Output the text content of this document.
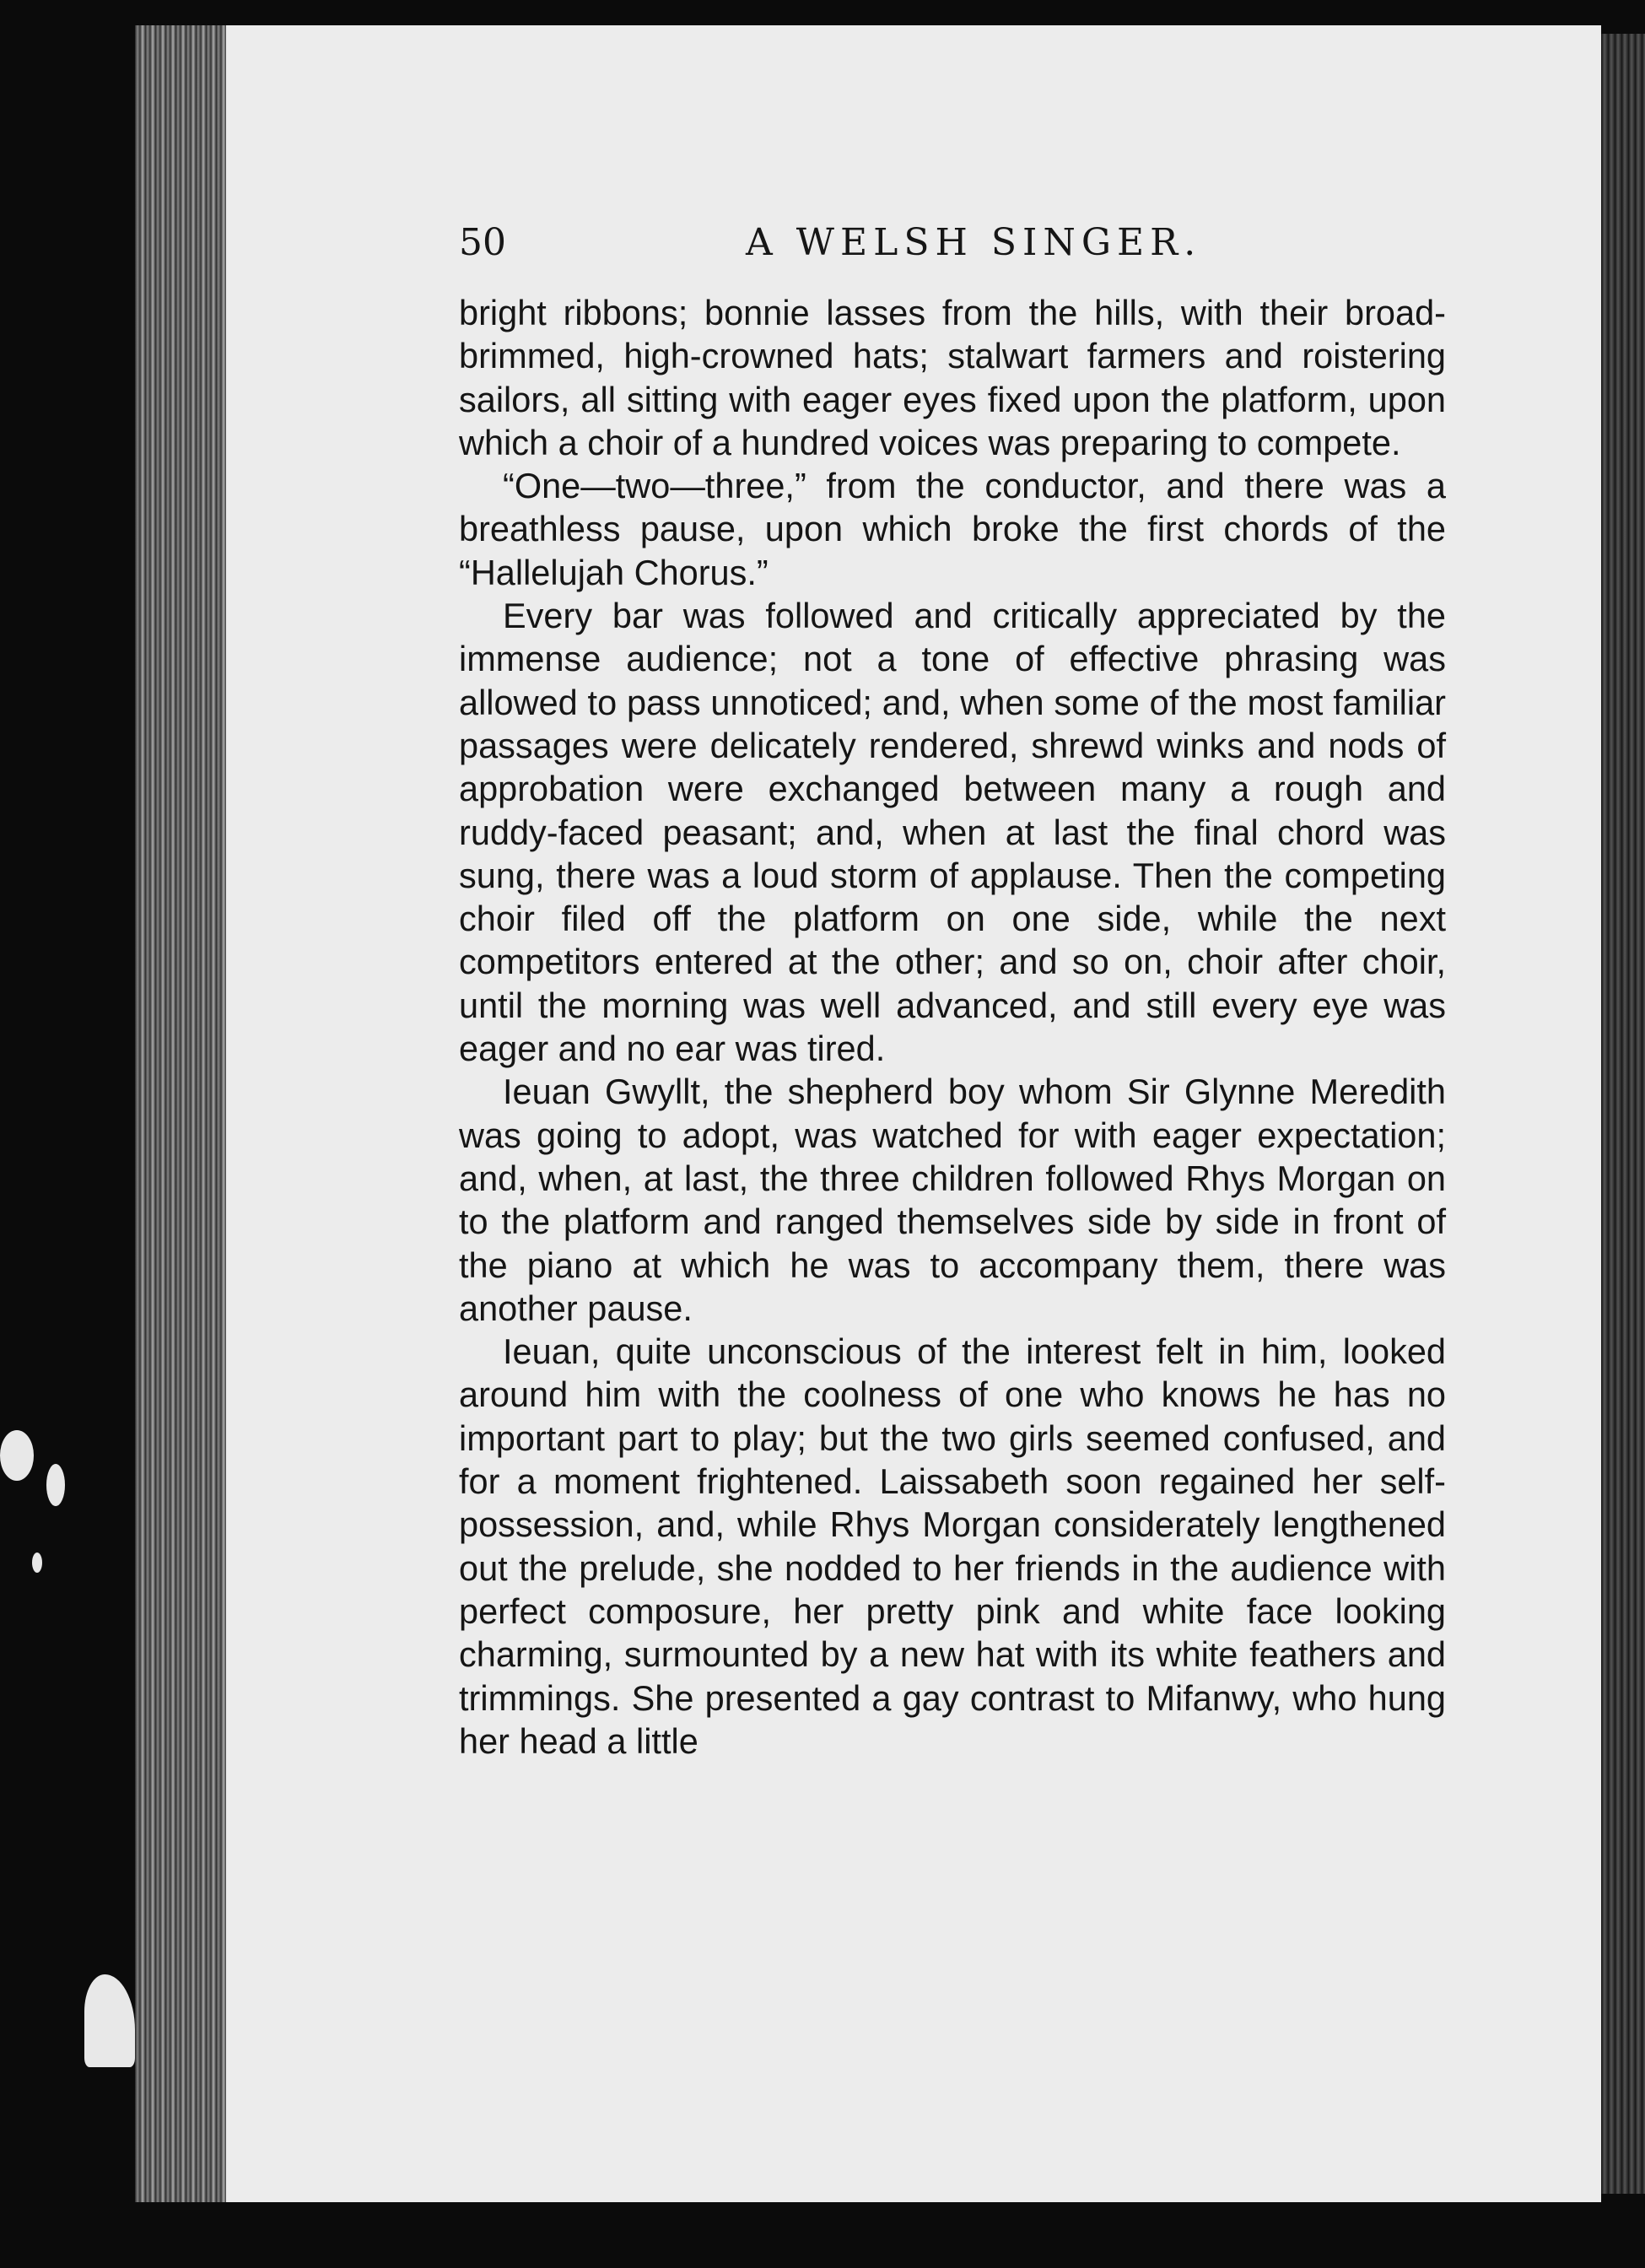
50	A WELSH SINGER.

bright ribbons; bonnie lasses from the hills, with their broad-brimmed, high-crowned hats; stalwart farmers and roistering sailors, all sitting with eager eyes fixed upon the platform, upon which a choir of a hundred voices was preparing to compete.

“One—two—three,” from the conductor, and there was a breathless pause, upon which broke the first chords of the “Hallelujah Chorus.”

Every bar was followed and critically appreciated by the immense audience; not a tone of effective phrasing was allowed to pass unnoticed; and, when some of the most familiar passages were delicately rendered, shrewd winks and nods of approbation were exchanged between many a rough and ruddy-faced peasant; and, when at last the final chord was sung, there was a loud storm of applause. Then the competing choir filed off the platform on one side, while the next competitors entered at the other; and so on, choir after choir, until the morning was well advanced, and still every eye was eager and no ear was tired.

Ieuan Gwyllt, the shepherd boy whom Sir Glynne Meredith was going to adopt, was watched for with eager expectation; and, when, at last, the three children followed Rhys Morgan on to the platform and ranged themselves side by side in front of the piano at which he was to accompany them, there was another pause.

Ieuan, quite unconscious of the interest felt in him, looked around him with the coolness of one who knows he has no important part to play; but the two girls seemed confused, and for a moment frightened. Laissabeth soon regained her self-possession, and, while Rhys Morgan considerately lengthened out the prelude, she nodded to her friends in the audience with perfect composure, her pretty pink and white face looking charming, surmounted by a new hat with its white feathers and trimmings. She presented a gay contrast to Mifanwy, who hung her head a little
